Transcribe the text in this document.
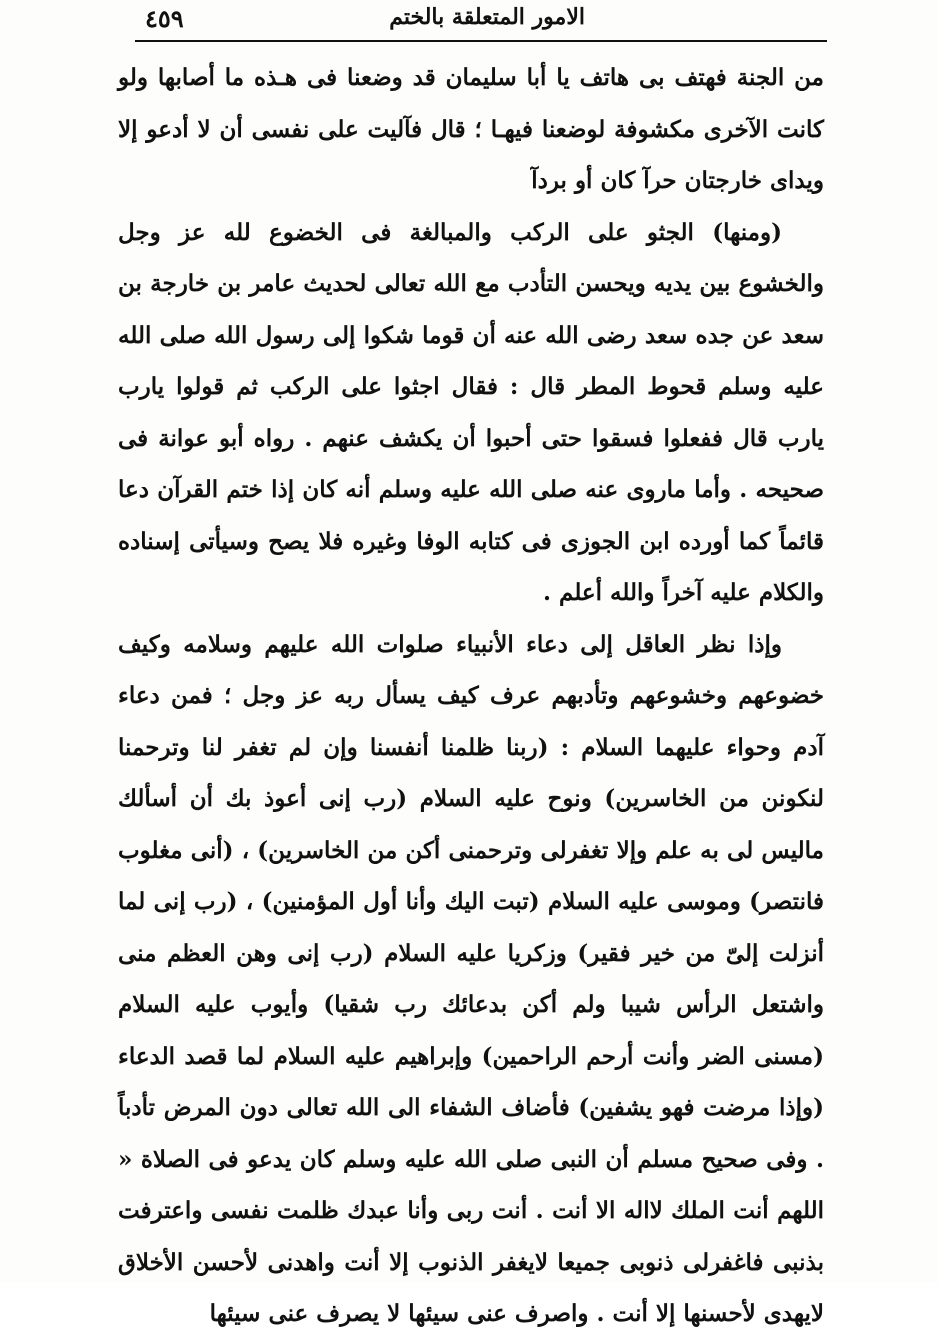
الامور المتعلقة بالختم
٤٥٩

من الجنة فهتف بى هاتف يا أبا سليمان قد وضعنا فى هـذه ما أصابها ولو كانت الآخرى مكشوفة لوضعنا فيهـا ؛ قال فآليت على نفسى أن لا أدعو إلا ويداى خارجتان حرآ كان أو بردآ

(ومنها) الجثو على الركب والمبالغة فى الخضوع لله عز وجل والخشوع بين يديه ويحسن التأدب مع الله تعالى لحديث عامر بن خارجة بن سعد عن جده سعد رضى الله عنه أن قوما شكوا إلى رسول الله صلى الله عليه وسلم قحوط المطر قال : فقال اجثوا على الركب ثم قولوا يارب يارب قال ففعلوا فسقوا حتى أحبوا أن يكشف عنهم . رواه أبو عوانة فى صحيحه . وأما ماروى عنه صلى الله عليه وسلم أنه كان إذا ختم القرآن دعا قائماً كما أورده ابن الجوزى فى كتابه الوفا وغيره فلا يصح وسيأتى إسناده والكلام عليه آخراً والله أعلم .

وإذا نظر العاقل إلى دعاء الأنبياء صلوات الله عليهم وسلامه وكيف خضوعهم وخشوعهم وتأدبهم عرف كيف يسأل ربه عز وجل ؛ فمن دعاء آدم وحواء عليهما السلام : (ربنا ظلمنا أنفسنا وإن لم تغفر لنا وترحمنا لنكونن من الخاسرين) ونوح عليه السلام (رب إنى أعوذ بك أن أسألك ماليس لى به علم وإلا تغفرلى وترحمنى أكن من الخاسرين) ، (أنى مغلوب فانتصر) وموسى عليه السلام (تبت اليك وأنا أول المؤمنين) ، (رب إنى لما أنزلت إلىّ من خير فقير) وزكريا عليه السلام (رب إنى وهن العظم منى واشتعل الرأس شيبا ولم أكن بدعائك رب شقيا) وأيوب عليه السلام (مسنى الضر وأنت أرحم الراحمين) وإبراهيم عليه السلام لما قصد الدعاء (وإذا مرضت فهو يشفين) فأضاف الشفاء الى الله تعالى دون المرض تأدباً . وفى صحيح مسلم أن النبى صلى الله عليه وسلم كان يدعو فى الصلاة « اللهم أنت الملك لااله الا أنت . أنت ربى وأنا عبدك ظلمت نفسى واعترفت بذنبى فاغفرلى ذنوبى جميعا لايغفر الذنوب إلا أنت واهدنى لأحسن الأخلاق لايهدى لأحسنها إلا أنت . واصرف عنى سيئها لا يصرف عنى سيئها
